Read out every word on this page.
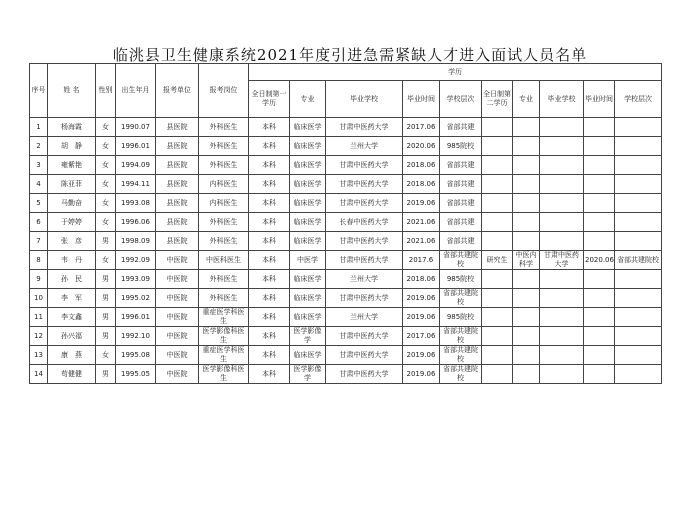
临洮县卫生健康系统2021年度引进急需紧缺人才进入面试人员名单
序号	姓 名	性别	出生年月	报考单位	报考岗位	学历									
						全日制第一学历	专业	毕业学校	毕业时间	学校层次	全日制第二学历	专业	毕业学校	毕业时间	学校层次
1	杨海霞	女	1990.07	县医院	外科医生	本科	临床医学	甘肃中医药大学	2017.06	省部共建					
2	胡　静	女	1996.01	县医院	外科医生	本科	临床医学	兰州大学	2020.06	985院校					
3	雍紫艳	女	1994.09	县医院	外科医生	本科	临床医学	甘肃中医药大学	2018.06	省部共建					
4	陈亚菲	女	1994.11	县医院	内科医生	本科	临床医学	甘肃中医药大学	2018.06	省部共建					
5	马勤奋	女	1993.08	县医院	内科医生	本科	临床医学	甘肃中医药大学	2019.06	省部共建					
6	于婷婷	女	1996.06	县医院	外科医生	本科	临床医学	长春中医药大学	2021.06	省部共建					
7	张　彦	男	1998.09	县医院	外科医生	本科	临床医学	甘肃中医药大学	2021.06	省部共建					
8	韦　丹	女	1992.09	中医院	中医科医生	本科	中医学	甘肃中医药大学	2017.6	省部共建院校	研究生	中医内科学	甘肃中医药大学	2020.06	省部共建院校
9	孙　民	男	1993.09	中医院	外科医生	本科	临床医学	兰州大学	2018.06	985院校					
10	李　军	男	1995.02	中医院	外科医生	本科	临床医学	甘肃中医药大学	2019.06	省部共建院校					
11	李文鑫	男	1996.01	中医院	重症医学科医生	本科	临床医学	兰州大学	2019.06	985院校					
12	孙兴福	男	1992.10	中医院	医学影像科医生	本科	医学影像学	甘肃中医药大学	2017.06	省部共建院校					
13	康　燕	女	1995.08	中医院	重症医学科医生	本科	临床医学	甘肃中医药大学	2019.06	省部共建院校					
14	苟健健	男	1995.05	中医院	医学影像科医生	本科	医学影像学	甘肃中医药大学	2019.06	省部共建院校					
